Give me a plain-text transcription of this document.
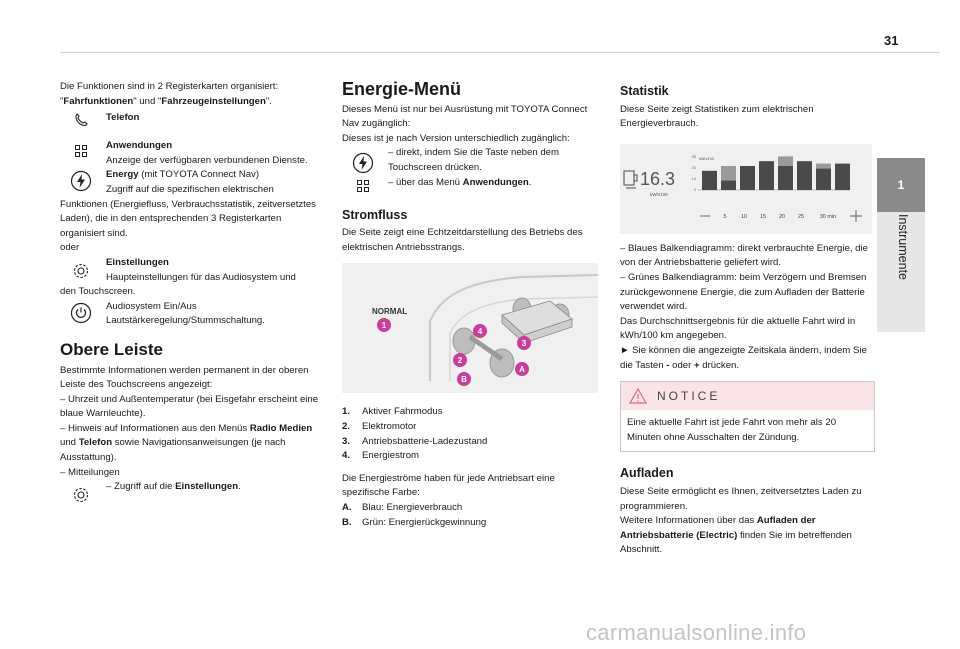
31
1
Instrumente

Die Funktionen sind in 2 Registerkarten organisiert: "Fahrfunktionen" und "Fahrzeugeinstellungen".

Telefon
Anwendungen
Anzeige der verfügbaren verbundenen Dienste.
Energy (mit TOYOTA Connect Nav)
Zugriff auf die spezifischen elektrischen

Funktionen (Energiefluss, Verbrauchsstatistik, zeitversetztes Laden), die in den entsprechenden 3 Registerkarten organisiert sind.

oder

Einstellungen
Haupteinstellungen für das Audiosystem und

den Touchscreen.

Audiosystem Ein/Aus
Lautstärkeregelung/Stummschaltung.
Obere Leiste

Bestimmte Informationen werden permanent in der oberen Leiste des Touchscreens angezeigt:

– Uhrzeit und Außentemperatur (bei Eisgefahr erscheint eine blaue Warnleuchte).

– Hinweis auf Informationen aus den Menüs Radio Medien und Telefon sowie Navigationsanweisungen (je nach Ausstattung).

– Mitteilungen

– Zugriff auf die Einstellungen.
Energie-Menü

Dieses Menü ist nur bei Ausrüstung mit TOYOTA Connect Nav zugänglich:

Dieses ist je nach Version unterschiedlich zugänglich:

– direkt, indem Sie die Taste neben dem Touchscreen drücken.
– über das Menü Anwendungen.
Stromfluss

Die Seite zeigt eine Echtzeitdarstellung des Betriebs des elektrischen Antriebsstrangs.

NORMAL
1
2
3
4
A
B
1.	Aktiver Fahrmodus
2.	Elektromotor
3.	Antriebsbatterie-Ladezustand
4.	Energiestrom

Die Energieströme haben für jede Antriebsart eine spezifische Farbe:

A.	Blau: Energieverbrauch
B.	Grün: Energierückgewinnung
Statistik

Diese Seite zeigt Statistiken zum elektrischen Energieverbrauch.

16.3
kWh/100
kWh/100
30
20
10
0
5	10 15 20 25	30 min

– Blaues Balkendiagramm: direkt verbrauchte Energie, die von der Antriebsbatterie geliefert wird.

– Grünes Balkendiagramm: beim Verzögern und Bremsen zurückgewonnene Energie, die zum Aufladen der Batterie verwendet wird.

Das Durchschnittsergebnis für die aktuelle Fahrt wird in kWh/100 km angegeben.

► Sie können die angezeigte Zeitskala ändern, indem Sie die Tasten - oder + drücken.

NOTICE
Eine aktuelle Fahrt ist jede Fahrt von mehr als 20 Minuten ohne Ausschalten der Zündung.
Aufladen

Diese Seite ermöglicht es Ihnen, zeitversetztes Laden zu programmieren.

Weitere Informationen über das Aufladen der Antriebsbatterie (Electric) finden Sie im betreffenden Abschnitt.

carmanualsonline.info
